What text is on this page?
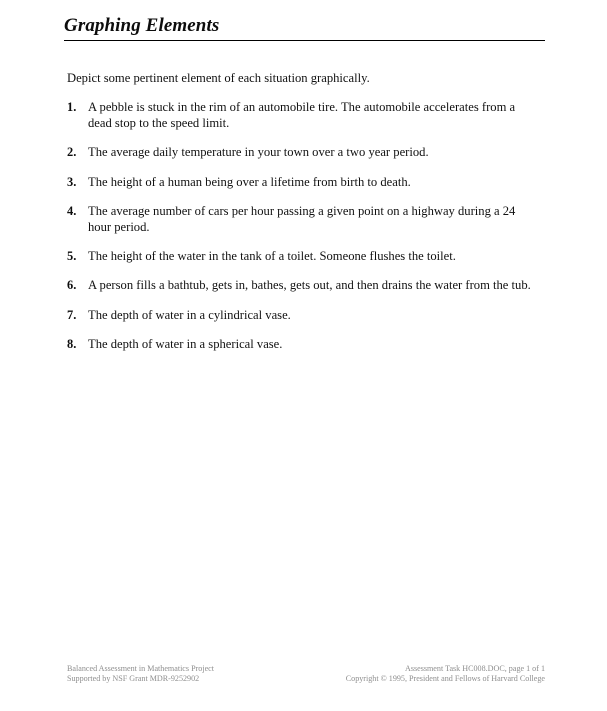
Graphing Elements

Depict some pertinent element of each situation graphically.

1. A pebble is stuck in the rim of an automobile tire. The automobile accelerates from a dead stop to the speed limit.
2. The average daily temperature in your town over a two year period.
3. The height of a human being over a lifetime from birth to death.
4. The average number of cars per hour passing a given point on a highway during a 24 hour period.
5. The height of the water in the tank of a toilet. Someone flushes the toilet.
6. A person fills a bathtub, gets in, bathes, gets out, and then drains the water from the tub.
7. The depth of water in a cylindrical vase.
8. The depth of water in a spherical vase.
Balanced Assessment in Mathematics Project
Supported by NSF Grant MDR-9252902
Assessment Task HC008.DOC, page 1 of 1
Copyright © 1995, President and Fellows of Harvard College
